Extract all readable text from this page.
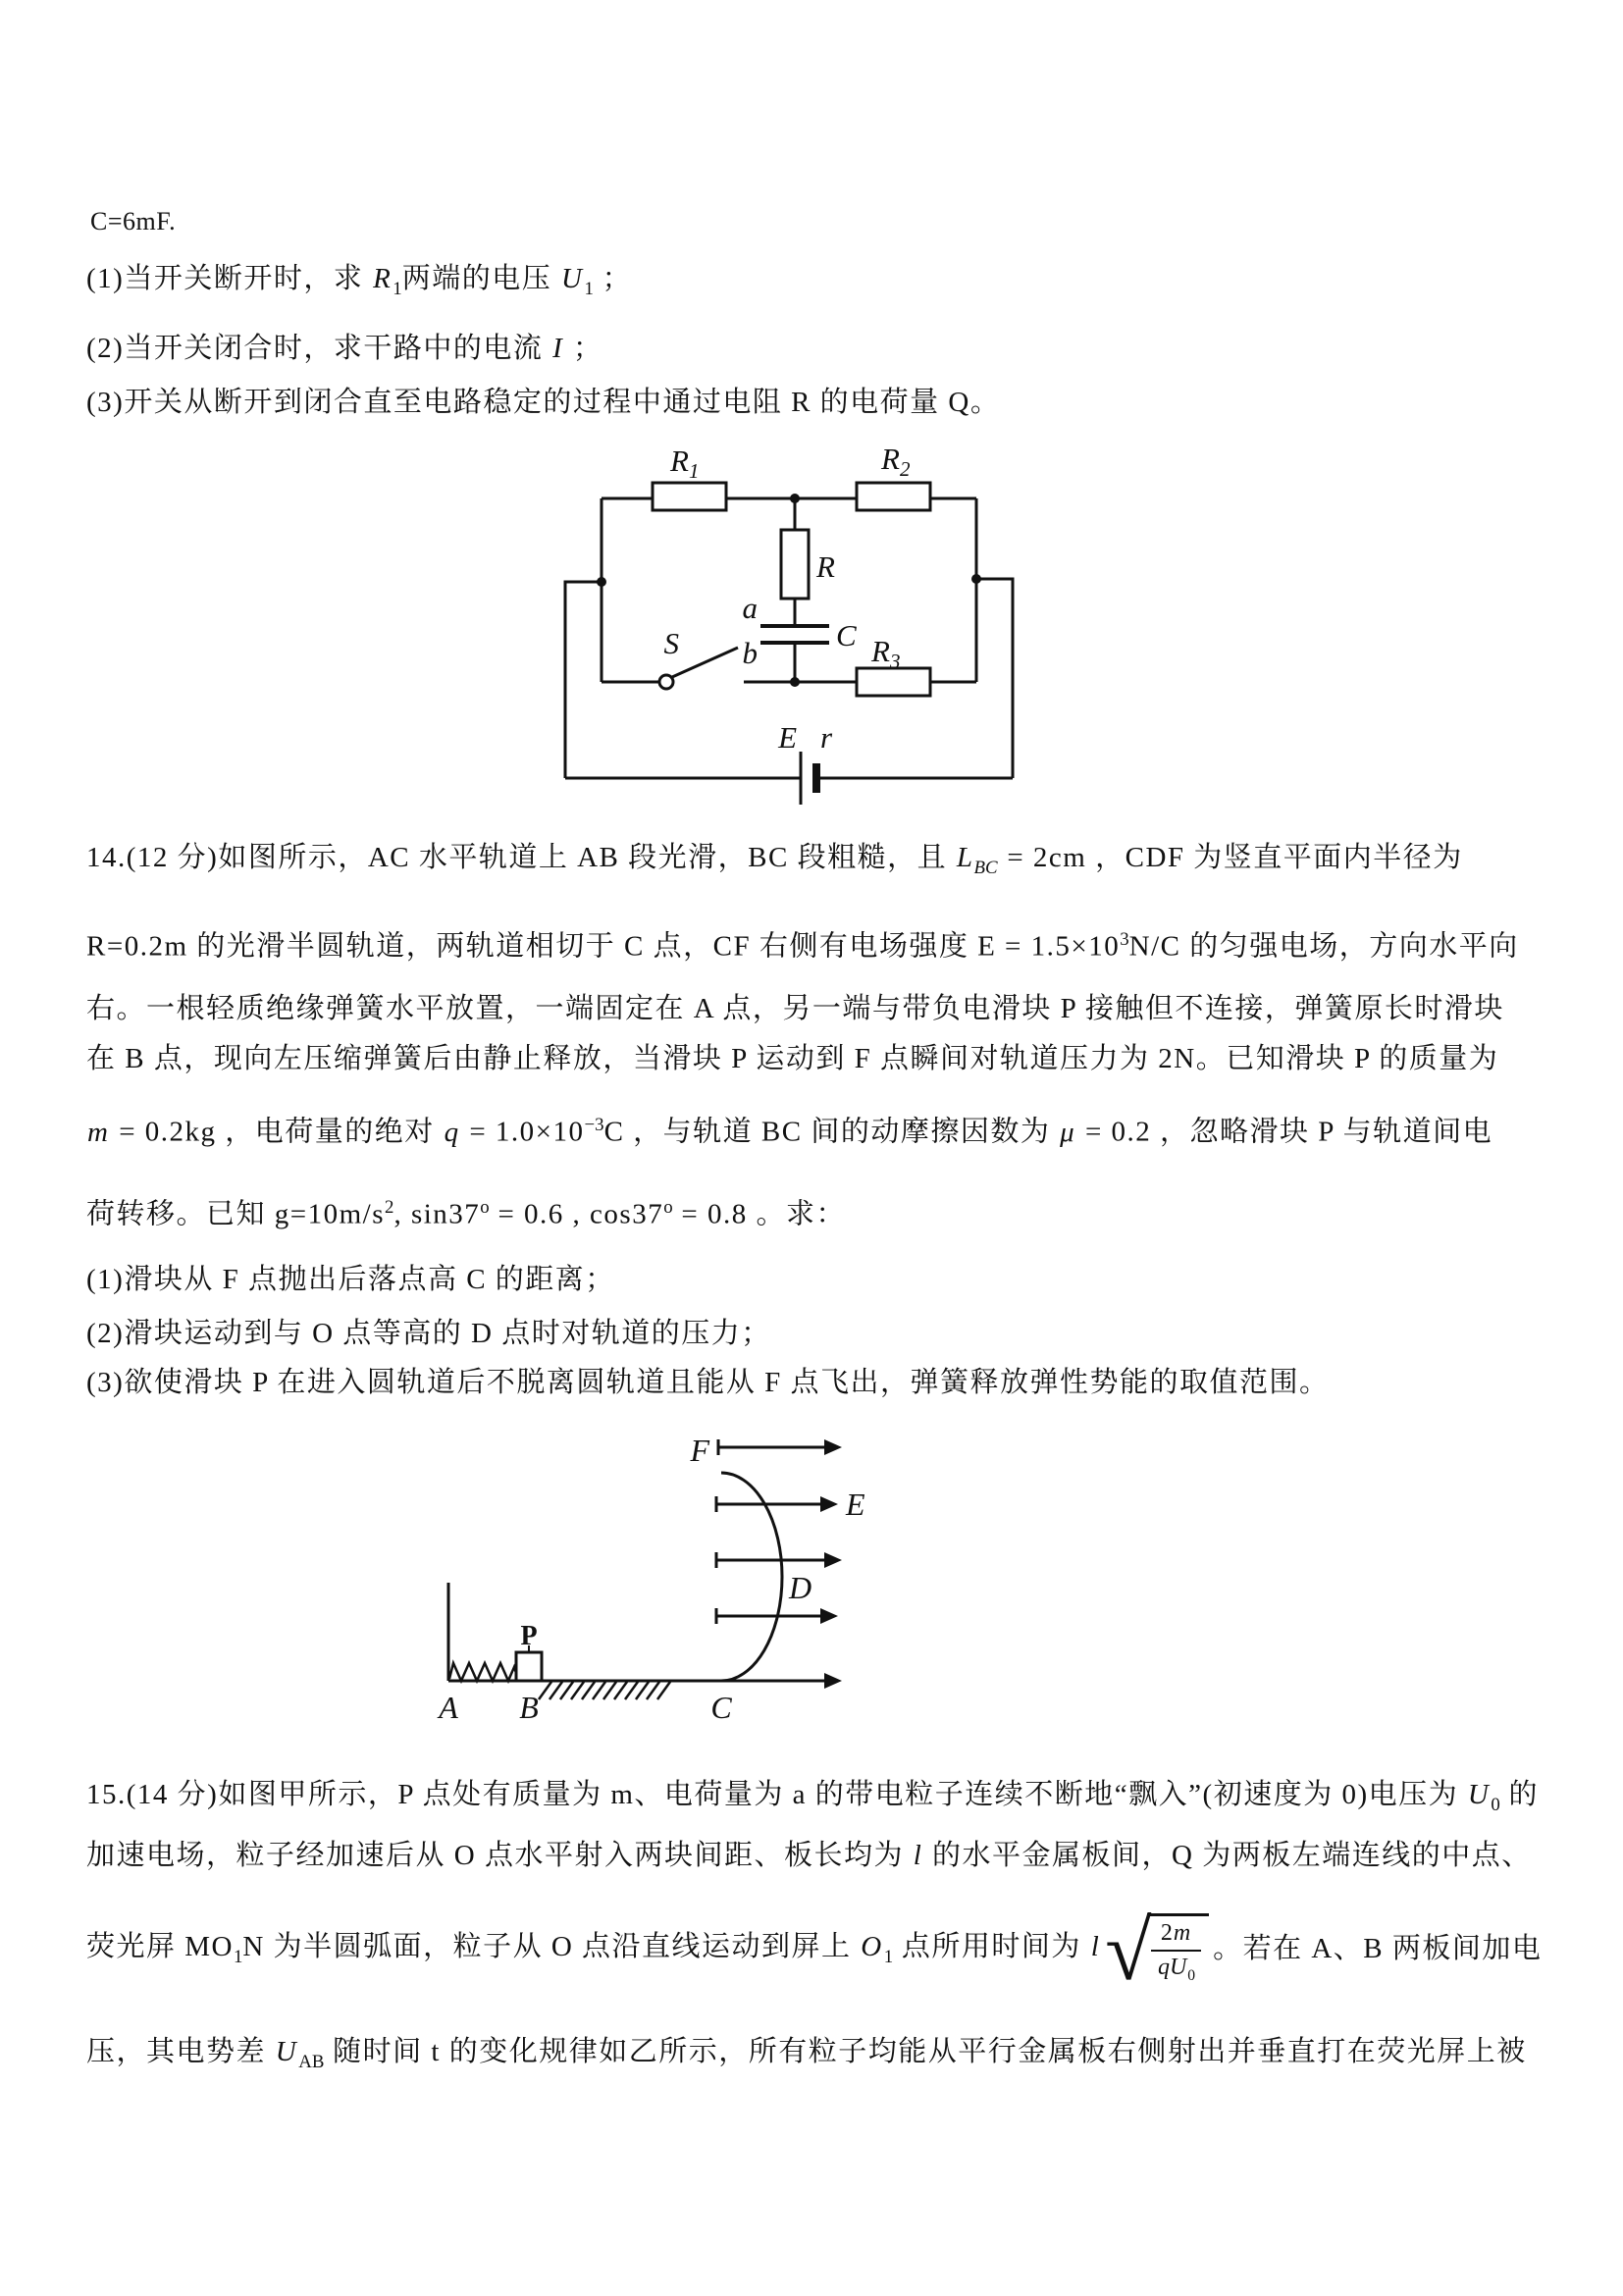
C=6mF.
(1)当开关断开时，求 $R_1$两端的电压 $U_1$ ；
(2)当开关闭合时，求干路中的电流 I ；
(3)开关从断开到闭合直至电路稳定的过程中通过电阻 R 的电荷量 Q。
$R_1$	$R_2$
R
a
C
b
S	$R_3$
E r
14.(12 分)如图所示，AC 水平轨道上 AB 段光滑，BC 段粗糙，且 $L_{BC} = 2cm$ ，CDF 为竖直平面内半径为
R=0.2m 的光滑半圆轨道，两轨道相切于 C 点，CF 右侧有电场强度 $E = 1.5\times 10^3N/C$ 的匀强电场，方向水平向
右。一根轻质绝缘弹簧水平放置，一端固定在 A 点，另一端与带负电滑块 P 接触但不连接，弹簧原长时滑块
在 B 点，现向左压缩弹簧后由静止释放，当滑块 P 运动到 F 点瞬间对轨道压力为 2N。已知滑块 P 的质量为
m = 0.2kg ，电荷量的绝对 $q = 1.0\times 10^{-3}C$ ，与轨道 BC 间的动摩擦因数为 μ = 0.2 ，忽略滑块 P 与轨道间电
荷转移。已知 $g=10m/s^2$, $\sin 37^o = 0.6$ , $\cos 37^o = 0.8$ 。求：
(1)滑块从 F 点抛出后落点高 C 的距离；
(2)滑块运动到与 O 点等高的 D 点时对轨道的压力；
(3)欲使滑块 P 在进入圆轨道后不脱离圆轨道且能从 F 点飞出，弹簧释放弹性势能的取值范围。
F
E
D
P
A B	C
15.(14 分)如图甲所示，P 点处有质量为 m、电荷量为 a 的带电粒子连续不断地“飘入”(初速度为 0)电压为 $U_0$ 的
加速电场，粒子经加速后从 O 点水平射入两块间距、板长均为 l 的水平金属板间，Q 为两板左端连线的中点、
荧光屏 $MO_1N$ 为半圆弧面，粒子从 O 点沿直线运动到屏上 $O_1$ 点所用时间为 l √
$\frac{2m}{qU_0}$ 。若在 A、B 两板间加电
压，其电势差 $U_{AB}$ 随时间 t 的变化规律如乙所示，所有粒子均能从平行金属板右侧射出并垂直打在荧光屏上被
